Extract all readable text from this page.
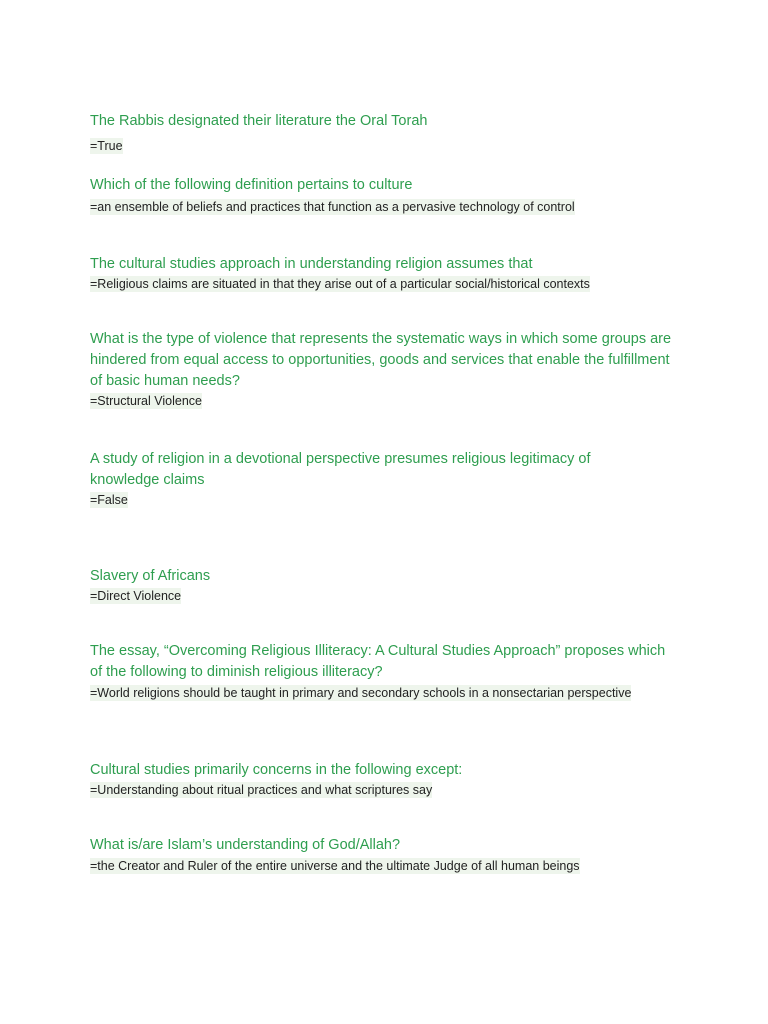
The Rabbis designated their literature the Oral Torah

=True

Which of the following definition pertains to culture

=an ensemble of beliefs and practices that function as a pervasive technology of control

The cultural studies approach in understanding religion assumes that

=Religious claims are situated in that they arise out of a particular social/historical contexts

What is the type of violence that represents the systematic ways in which some groups are hindered from equal access to opportunities, goods and services that enable the fulfillment of basic human needs?

=Structural Violence

A study of religion in a devotional perspective presumes religious legitimacy of knowledge claims

=False

Slavery of Africans

=Direct Violence

The essay, “Overcoming Religious Illiteracy: A Cultural Studies Approach” proposes which of the following to diminish religious illiteracy?

=World religions should be taught in primary and secondary schools in a nonsectarian perspective

Cultural studies primarily concerns in the following except:

=Understanding about ritual practices and what scriptures say

What is/are Islam’s understanding of God/Allah?

=the Creator and Ruler of the entire universe and the ultimate Judge of all human beings
